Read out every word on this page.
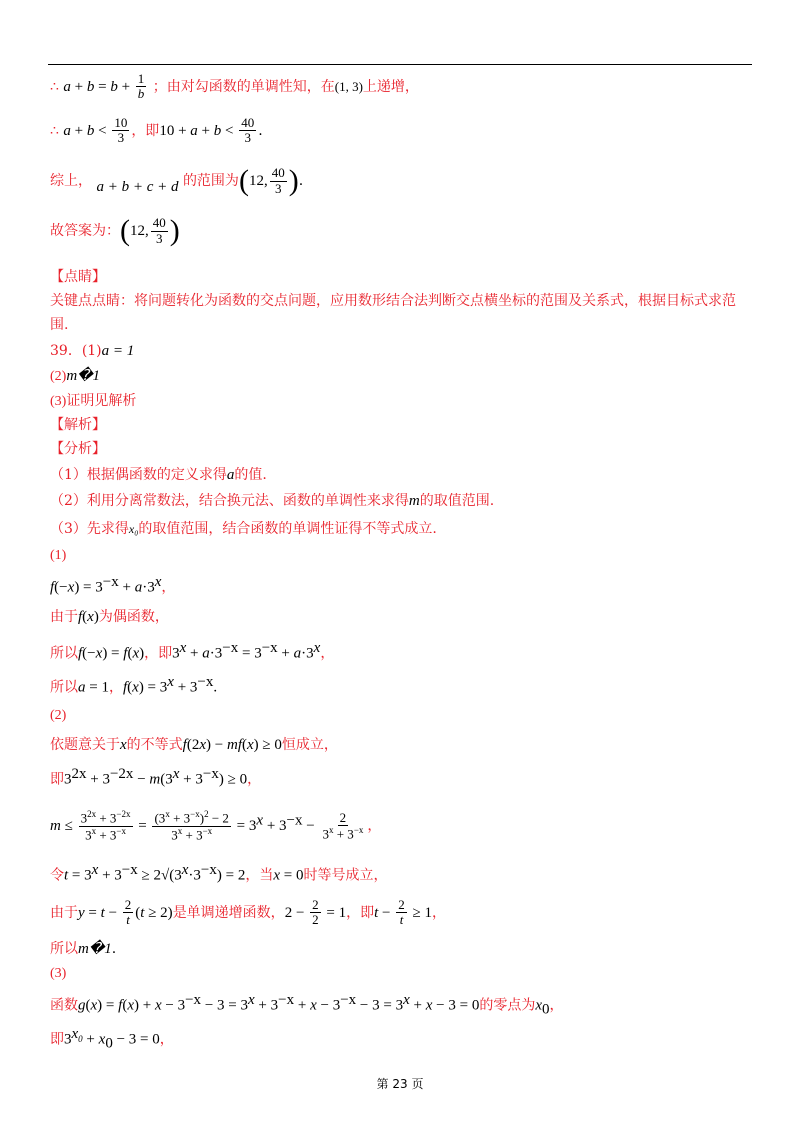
∴ $a + b = b + \frac{1}{b}$ ；由对勾函数的单调性知，在(1, 3)上递增，
∴ $a + b < \frac{10}{3}$ ，即$10 + a + b < \frac{40}{3}$ .
综上， a + b + c + d 的范围为(12, $\frac{40}{3}$ ).
故答案为：(12, $\frac{40}{3}$ )
【点睛】
关键点点睛：将问题转化为函数的交点问题，应用数形结合法判断交点横坐标的范围及关系式，根据目标式求范
围.
39．(1)a = 1
(2)m�1
(3)证明见解析
【解析】
【分析】
（1）根据偶函数的定义求得a的值.
（2）利用分离常数法，结合换元法、函数的单调性来求得m的取值范围.
（3）先求得x₀的取值范围，结合函数的单调性证得不等式成立.
(1)
$f(-x) = 3^{-x} + a\cdot 3^x$，
由于f(x)为偶函数，
所以f(−x) = f(x)，即$3^x + a\cdot 3^{-x} = 3^{-x} + a\cdot 3^x$，
所以a = 1，$f(x) = 3^x + 3^{-x}$.
(2)
依题意关于x的不等式f(2x) − mf(x) ≥ 0恒成立，
即$3^{2x} + 3^{-2x} - m(3^x + 3^{-x}) \ge 0$，
$m \le \frac{3^{2x} + 3^{-2x}}{3^x + 3^{-x}} = \frac{(3^x + 3^{-x})^2 - 2}{3^x + 3^{-x}} = 3^x + 3^{-x} - \frac{2}{3^x + 3^{-x}}$ ，
令$t = 3^x + 3^{-x} \ge 2√(3^x\cdot 3^{-x}) = 2$，当x = 0时等号成立，
由于$y = t - \frac{2}{t} (t \ge 2)$是单调递增函数，$2 - \frac{2}{2} = 1$，即$t - \frac{2}{t} \ge 1$，
所以m�1.
(3)
函数$g(x) = f(x) + x - 3^{-x} - 3 = 3^x + 3^{-x} + x - 3^{-x} - 3 = 3^x + x - 3 = 0$的零点为$x_0$，
即$3^{x_0} + x_0 - 3 = 0$，
第 23 页
